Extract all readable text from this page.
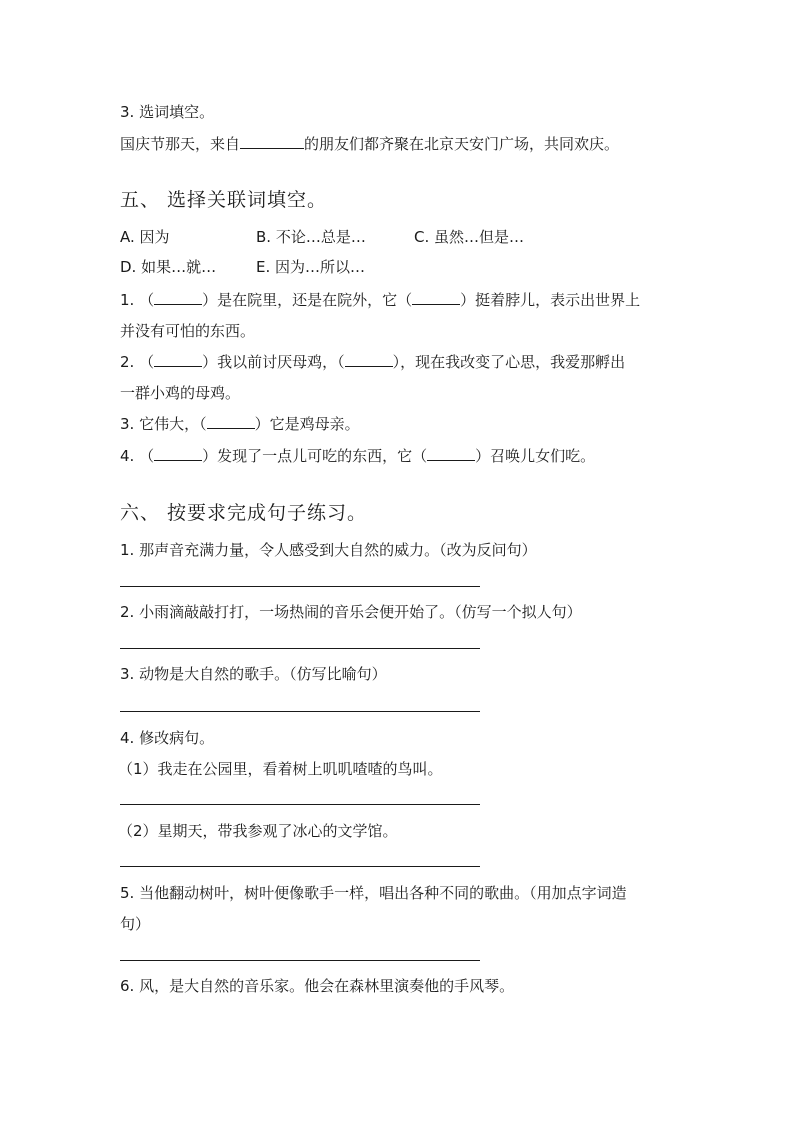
3. 选词填空。
国庆节那天，来自	的朋友们都齐聚在北京天安门广场，共同欢庆。
五、 选择关联词填空。
A. 因为	B. 不论…总是…	C. 虽然…但是…
D. 如果…就…	E. 因为…所以…
1. （	）是在院里，还是在院外，它（	）挺着脖儿，表示出世界上
并没有可怕的东西。
2. （	）我以前讨厌母鸡，（	），现在我改变了心思，我爱那孵出
一群小鸡的母鸡。
3. 它伟大，（	）它是鸡母亲。
4. （	）发现了一点儿可吃的东西，它（	）召唤儿女们吃。
六、 按要求完成句子练习。
1. 那声音充满力量，令人感受到大自然的威力。（改为反问句）
2. 小雨滴敲敲打打，一场热闹的音乐会便开始了。（仿写一个拟人句）
3. 动物是大自然的歌手。（仿写比喻句）
4. 修改病句。
（1）我走在公园里，看着树上叽叽喳喳的鸟叫。
（2）星期天，带我参观了冰心的文学馆。
5. 当他翻动树叶，树叶便像歌手一样，唱出各种不同的歌曲。（用加点字词造
句）
6. 风，是大自然的音乐家。他会在森林里演奏他的手风琴。
